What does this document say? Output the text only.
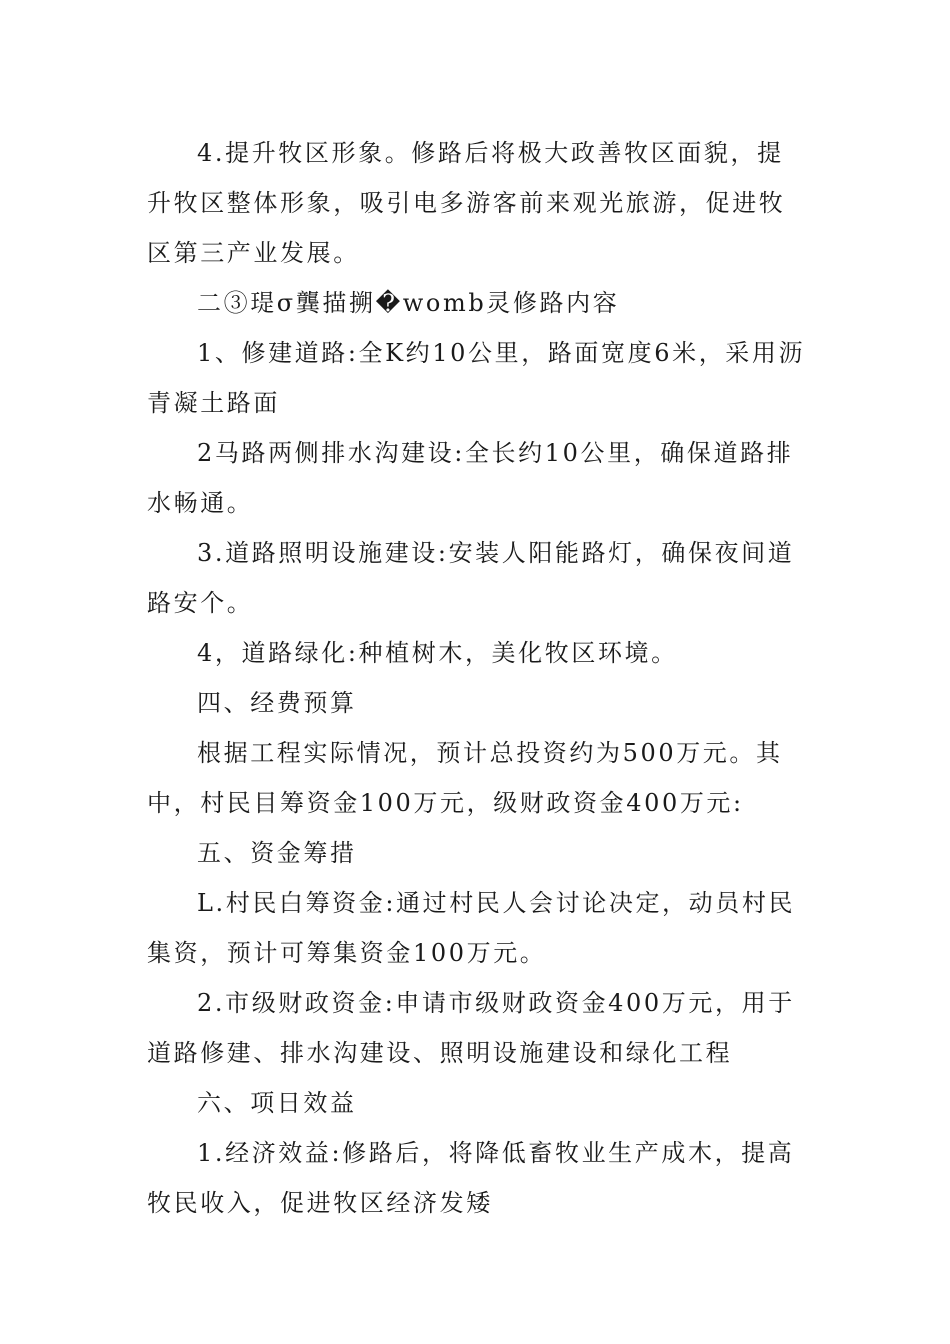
4.提升牧区形象。修路后将极大政善牧区面貌，提升牧区整体形象，吸引电多游客前来观光旅游，促进牧区第三产业发展。

二③瑅σ龔描搠�womb灵修路内容

1、修建道路:全K约10公里，路面宽度6米，采用沥青凝土路面

2马路两侧排水沟建设:全长约10公里，确保道路排水畅通。

3.道路照明设施建设:安装人阳能路灯，确保夜间道路安个。

4，道路绿化:种植树木，美化牧区环境。

四、经费预算

根据工程实际情况，预计总投资约为500万元。其中，村民目筹资金100万元，级财政资金400万元:

五、资金筹措

L.村民白筹资金:通过村民人会讨论决定，动员村民集资，预计可筹集资金100万元。

2.市级财政资金:申请市级财政资金400万元，用于道路修建、排水沟建设、照明设施建设和绿化工程

六、项日效益

1.经济效益:修路后，将降低畜牧业生产成木，提高牧民收入，促进牧区经济发矮
